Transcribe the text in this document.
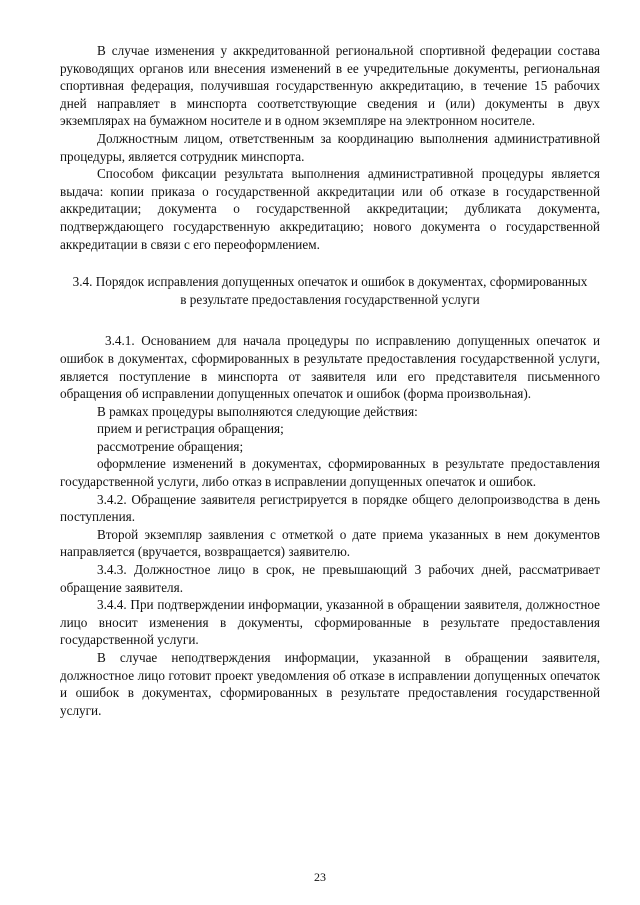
В случае изменения у аккредитованной региональной спортивной федерации состава руководящих органов или внесения изменений в ее учредительные документы, региональная спортивная федерация, получившая государственную аккредитацию, в течение 15 рабочих дней направляет в минспорта соответствующие сведения и (или) документы в двух экземплярах на бумажном носителе и в одном экземпляре на электронном носителе.

Должностным лицом, ответственным за координацию выполнения административной процедуры, является сотрудник минспорта.

Способом фиксации результата выполнения административной процедуры является выдача: копии приказа о государственной аккредитации или об отказе в государственной аккредитации; документа о государственной аккредитации; дубликата документа, подтверждающего государственную аккредитацию; нового документа о государственной аккредитации в связи с его переоформлением.

3.4. Порядок исправления допущенных опечаток и ошибок в документах, сформированных в результате предоставления государственной услуги

3.4.1. Основанием для начала процедуры по исправлению допущенных опечаток и ошибок в документах, сформированных в результате предоставления государственной услуги, является поступление в минспорта от заявителя или его представителя письменного обращения об исправлении допущенных опечаток и ошибок (форма произвольная).

В рамках процедуры выполняются следующие действия:

прием и регистрация обращения;

рассмотрение обращения;

оформление изменений в документах, сформированных в результате предоставления государственной услуги, либо отказ в исправлении допущенных опечаток и ошибок.

3.4.2. Обращение заявителя регистрируется в порядке общего делопроизводства в день поступления.

Второй экземпляр заявления с отметкой о дате приема указанных в нем документов направляется (вручается, возвращается) заявителю.

3.4.3. Должностное лицо в срок, не превышающий 3 рабочих дней, рассматривает обращение заявителя.

3.4.4. При подтверждении информации, указанной в обращении заявителя, должностное лицо вносит изменения в документы, сформированные в результате предоставления государственной услуги.

В случае неподтверждения информации, указанной в обращении заявителя, должностное лицо готовит проект уведомления об отказе в исправлении допущенных опечаток и ошибок в документах, сформированных в результате предоставления государственной услуги.

23
